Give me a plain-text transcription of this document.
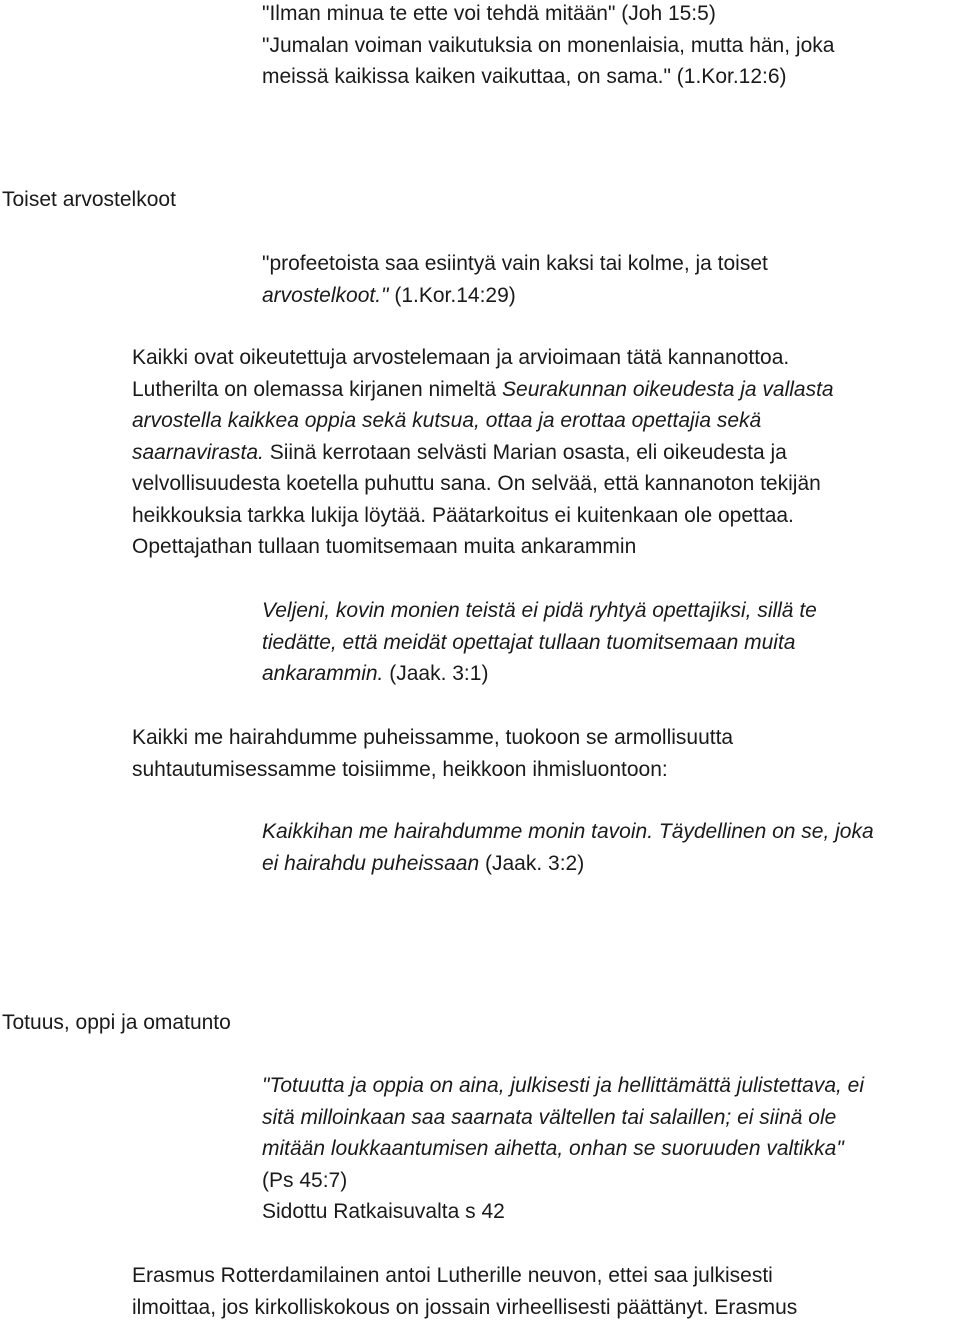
"Ilman minua te ette voi tehdä mitään" (Joh 15:5)
"Jumalan voiman vaikutuksia on monenlaisia, mutta hän, joka
meissä kaikissa kaiken vaikuttaa, on sama." (1.Kor.12:6)
Toiset arvostelkoot
"profeetoista saa esiintyä vain kaksi tai kolme, ja toiset
arvostelkoot." (1.Kor.14:29)
Kaikki ovat oikeutettuja arvostelemaan ja arvioimaan tätä kannanottoa.
Lutherilta on olemassa kirjanen nimeltä Seurakunnan oikeudesta ja vallasta
arvostella kaikkea oppia sekä kutsua, ottaa ja erottaa opettajia sekä
saarnavirasta. Siinä kerrotaan selvästi Marian osasta, eli oikeudesta ja
velvollisuudesta koetella puhuttu sana. On selvää, että kannanoton tekijän
heikkouksia tarkka lukija löytää. Päätarkoitus ei kuitenkaan ole opettaa.
Opettajathan tullaan tuomitsemaan muita ankarammin
Veljeni, kovin monien teistä ei pidä ryhtyä opettajiksi, sillä te
tiedätte, että meidät opettajat tullaan tuomitsemaan muita
ankarammin. (Jaak. 3:1)
Kaikki me hairahdumme puheissamme, tuokoon se armollisuutta
suhtautumisessamme toisiimme, heikkoon ihmisluontoon:
Kaikkihan me hairahdumme monin tavoin. Täydellinen on se, joka
ei hairahdu puheissaan (Jaak. 3:2)
Totuus, oppi ja omatunto
"Totuutta ja oppia on aina, julkisesti ja hellittämättä julistettava, ei
sitä milloinkaan saa saarnata vältellen tai salaillen; ei siinä ole
mitään loukkaantumisen aihetta, onhan se suoruuden valtikka"
(Ps 45:7)
Sidottu Ratkaisuvalta s 42
Erasmus Rotterdamilainen antoi Lutherille neuvon, ettei saa julkisesti
ilmoittaa, jos kirkolliskokous on jossain virheellisesti päättänyt. Erasmus
